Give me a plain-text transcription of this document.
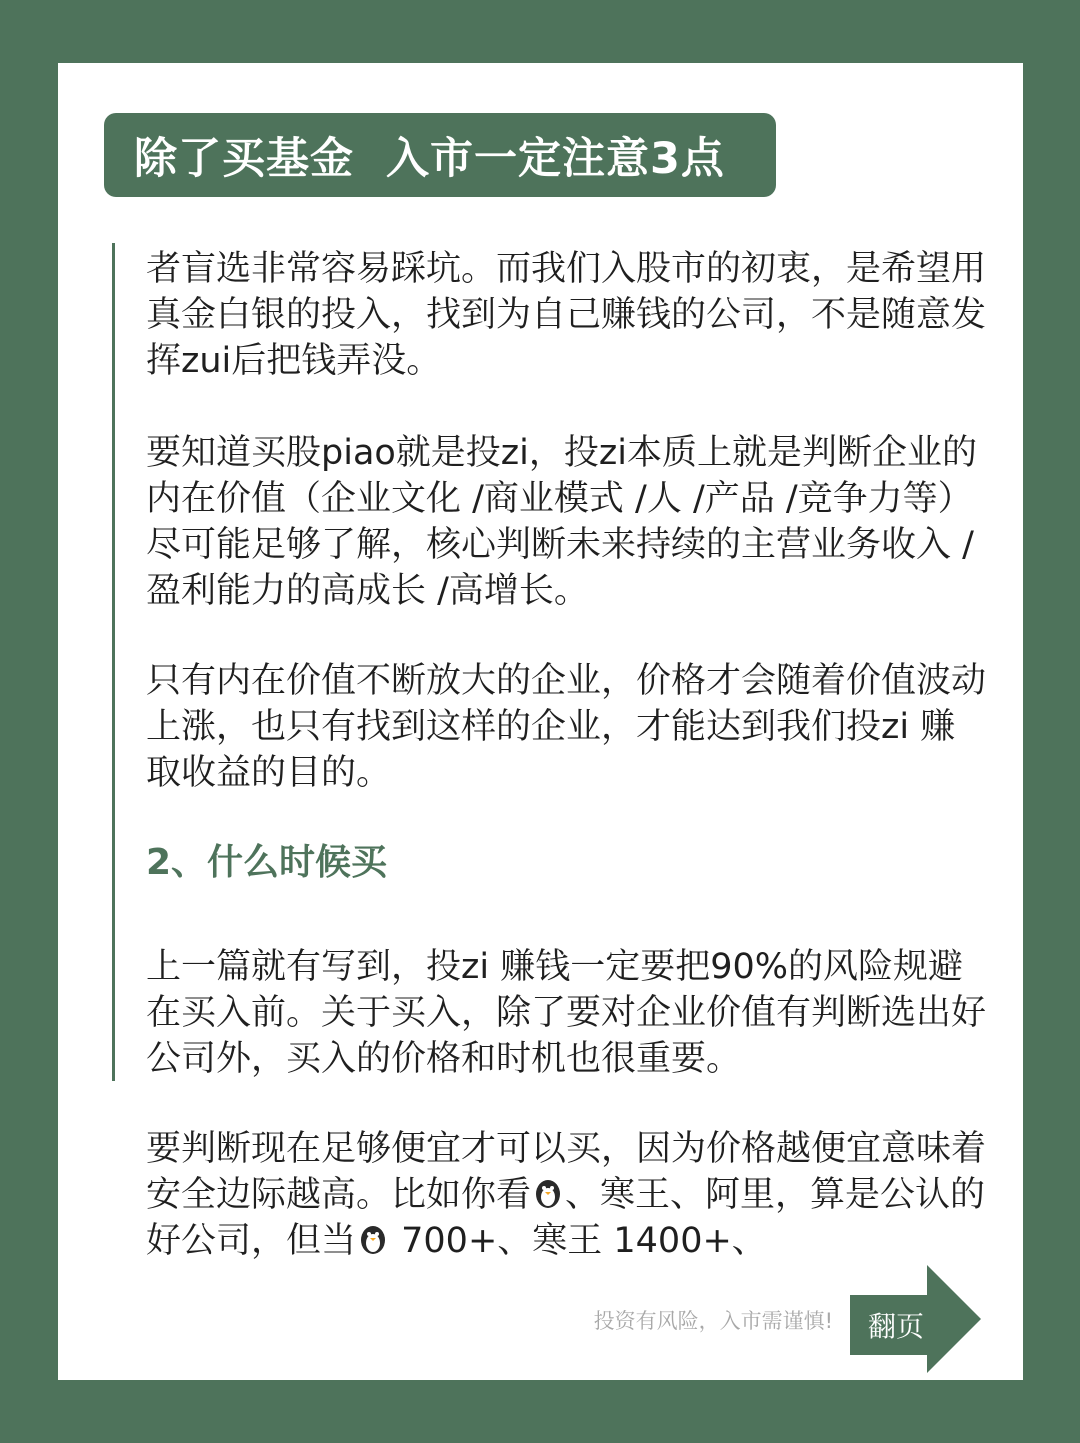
除了买基金  入市一定注意3点

者盲选非常容易踩坑。而我们入股市的初衷，是希望用真金白银的投入，找到为自己赚钱的公司，不是随意发挥zui后把钱弄没。

要知道买股piao就是投zi，投zi本质上就是判断企业的内在价值（企业文化 /商业模式 /人 /产品 /竞争力等）尽可能足够了解，核心判断未来持续的主营业务收入 /盈利能力的高成长 /高增长。

只有内在价值不断放大的企业，价格才会随着价值波动上涨，也只有找到这样的企业，才能达到我们投zi 赚取收益的目的。

2、什么时候买

上一篇就有写到，投zi 赚钱一定要把90%的风险规避在买入前。关于买入，除了要对企业价值有判断选出好公司外，买入的价格和时机也很重要。

要判断现在足够便宜才可以买，因为价格越便宜意味着安全边际越高。比如你看 、寒王、阿里，算是公认的好公司，但当 700+、寒王 1400+、

投资有风险，入市需谨慎!	翻页
